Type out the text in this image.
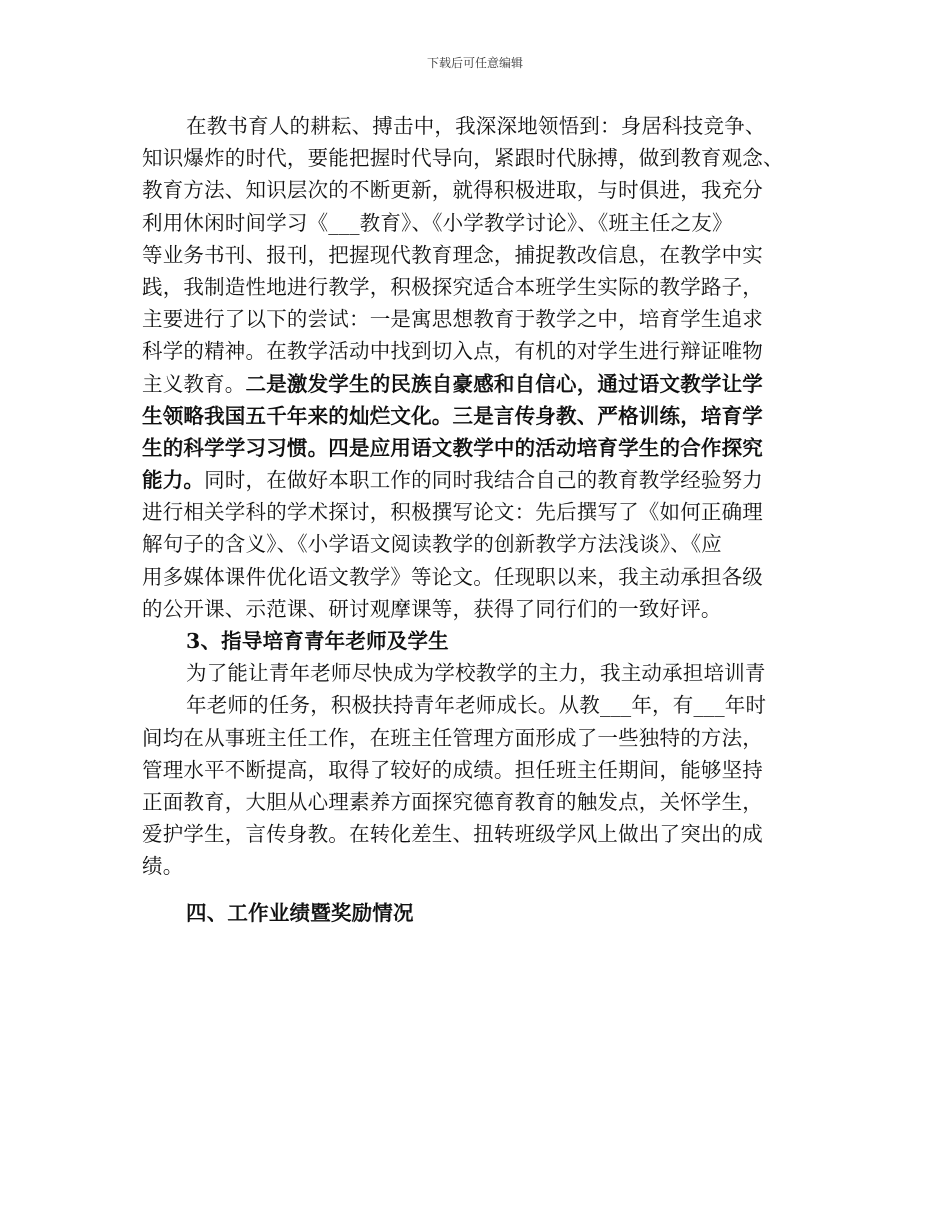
下载后可任意编辑
在教书育人的耕耘、搏击中，我深深地领悟到：身居科技竞争、
知识爆炸的时代，要能把握时代导向，紧跟时代脉搏，做到教育观念、
教育方法、知识层次的不断更新，就得积极进取，与时俱进，我充分
利用休闲时间学习《___教育》、《小学教学讨论》、《班主任之友》
等业务书刊、报刊，把握现代教育理念，捕捉教改信息，在教学中实
践，我制造性地进行教学，积极探究适合本班学生实际的教学路子，
主要进行了以下的尝试：一是寓思想教育于教学之中，培育学生追求
科学的精神。在教学活动中找到切入点，有机的对学生进行辩证唯物
主义教育。二是激发学生的民族自豪感和自信心，通过语文教学让学
生领略我国五千年来的灿烂文化。三是言传身教、严格训练，培育学
生的科学学习习惯。四是应用语文教学中的活动培育学生的合作探究
能力。同时，在做好本职工作的同时我结合自己的教育教学经验努力
进行相关学科的学术探讨，积极撰写论文：先后撰写了《如何正确理
解句子的含义》、《小学语文阅读教学的创新教学方法浅谈》、《应
用多媒体课件优化语文教学》等论文。任现职以来，我主动承担各级
的公开课、示范课、研讨观摩课等，获得了同行们的一致好评。
3、指导培育青年老师及学生
为了能让青年老师尽快成为学校教学的主力，我主动承担培训青
年老师的任务，积极扶持青年老师成长。从教___年，有___年时
间均在从事班主任工作，在班主任管理方面形成了一些独特的方法，
管理水平不断提高，取得了较好的成绩。担任班主任期间，能够坚持
正面教育，大胆从心理素养方面探究德育教育的触发点，关怀学生，
爱护学生，言传身教。在转化差生、扭转班级学风上做出了突出的成
绩。
四、工作业绩暨奖励情况
